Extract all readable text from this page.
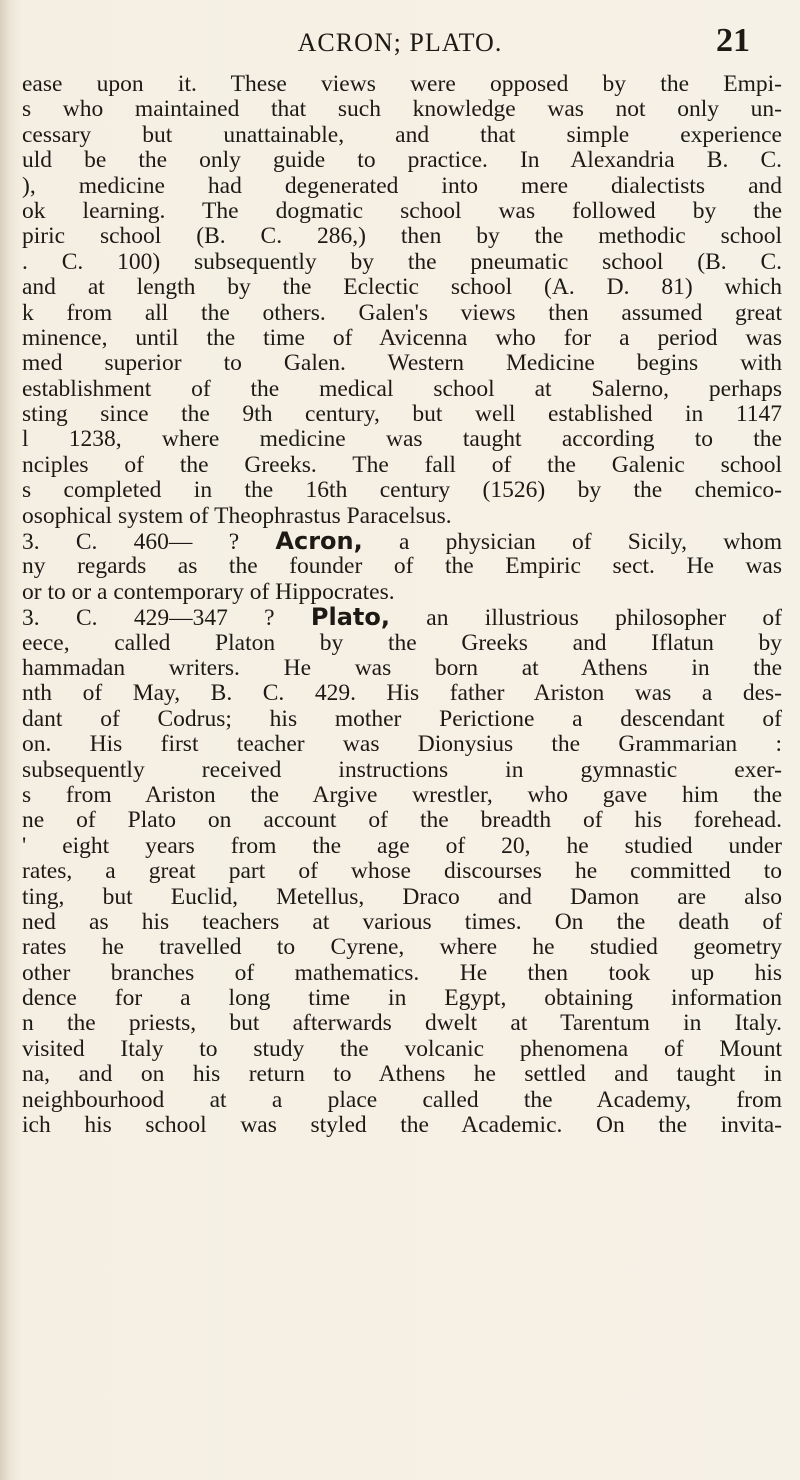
ACRON; PLATO.	21
ease upon it. These views were opposed by the Empi-
s who maintained that such knowledge was not only un-
cessary but unattainable, and that simple experience
uld be the only guide to practice. In Alexandria B. C.
), medicine had degenerated into mere dialectists and
ok learning. The dogmatic school was followed by the
piric school (B. C. 286,) then by the methodic school
. C. 100) subsequently by the pneumatic school (B. C.
and at length by the Eclectic school (A. D. 81) which
k from all the others. Galen's views then assumed great
minence, until the time of Avicenna who for a period was
med superior to Galen. Western Medicine begins with
establishment of the medical school at Salerno, perhaps
sting since the 9th century, but well established in 1147
l 1238, where medicine was taught according to the
nciples of the Greeks. The fall of the Galenic school
s completed in the 16th century (1526) by the chemico-
osophical system of Theophrastus Paracelsus.
3. C. 460— ? Acron, a physician of Sicily, whom
ny regards as the founder of the Empiric sect. He was
or to or a contemporary of Hippocrates.
3. C. 429—347 ? Plato, an illustrious philosopher of
eece, called Platon by the Greeks and Iflatun by
hammadan writers. He was born at Athens in the
nth of May, B. C. 429. His father Ariston was a des-
dant of Codrus; his mother Perictione a descendant of
on. His first teacher was Dionysius the Grammarian :
subsequently received instructions in gymnastic exer-
s from Ariston the Argive wrestler, who gave him the
ne of Plato on account of the breadth of his forehead.
' eight years from the age of 20, he studied under
rates, a great part of whose discourses he committed to
ting, but Euclid, Metellus, Draco and Damon are also
ned as his teachers at various times. On the death of
rates he travelled to Cyrene, where he studied geometry
other branches of mathematics. He then took up his
dence for a long time in Egypt, obtaining information
n the priests, but afterwards dwelt at Tarentum in Italy.
visited Italy to study the volcanic phenomena of Mount
na, and on his return to Athens he settled and taught in
neighbourhood at a place called the Academy, from
ich his school was styled the Academic. On the invita-
